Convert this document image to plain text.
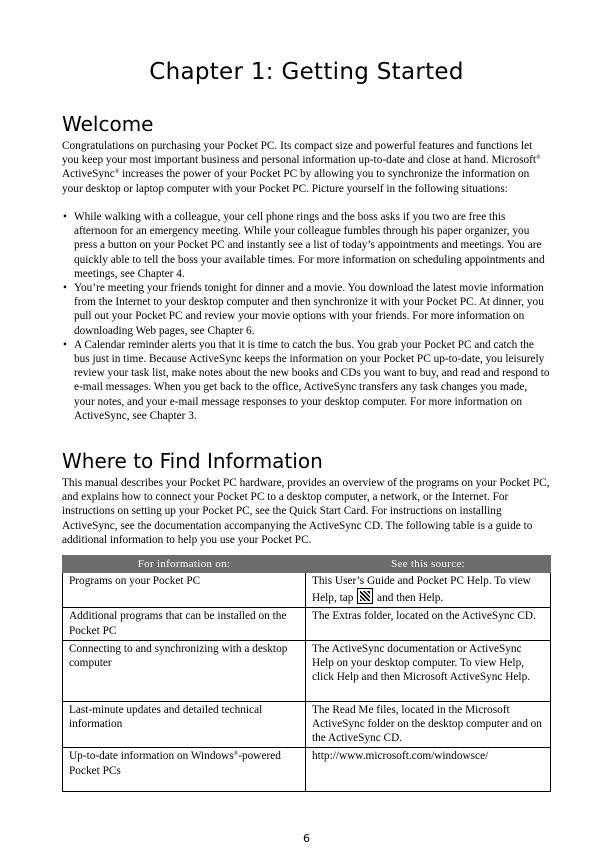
Chapter 1: Getting Started
Welcome

Congratulations on purchasing your Pocket PC. Its compact size and powerful features and functions let you keep your most important business and personal information up-to-date and close at hand. Microsoft® ActiveSync® increases the power of your Pocket PC by allowing you to synchronize the information on your desktop or laptop computer with your Pocket PC. Picture yourself in the following situations:

• While walking with a colleague, your cell phone rings and the boss asks if you two are free this afternoon for an emergency meeting. While your colleague fumbles through his paper organizer, you press a button on your Pocket PC and instantly see a list of today’s appointments and meetings. You are quickly able to tell the boss your available times. For more information on scheduling appointments and meetings, see Chapter 4.
• You’re meeting your friends tonight for dinner and a movie. You download the latest movie information from the Internet to your desktop computer and then synchronize it with your Pocket PC. At dinner, you pull out your Pocket PC and review your movie options with your friends. For more information on downloading Web pages, see Chapter 6.
• A Calendar reminder alerts you that it is time to catch the bus. You grab your Pocket PC and catch the bus just in time. Because ActiveSync keeps the information on your Pocket PC up-to-date, you leisurely review your task list, make notes about the new books and CDs you want to buy, and read and respond to e-mail messages. When you get back to the office, ActiveSync transfers any task changes you made, your notes, and your e-mail message responses to your desktop computer. For more information on ActiveSync, see Chapter 3.
Where to Find Information

This manual describes your Pocket PC hardware, provides an overview of the programs on your Pocket PC, and explains how to connect your Pocket PC to a desktop computer, a network, or the Internet. For instructions on setting up your Pocket PC, see the Quick Start Card. For instructions on installing ActiveSync, see the documentation accompanying the ActiveSync CD. The following table is a guide to additional information to help you use your Pocket PC.

For information on:	See this source:
Programs on your Pocket PC	This User’s Guide and Pocket PC Help. To view Help, tap  and then Help.
Additional programs that can be installed on the Pocket PC	The Extras folder, located on the ActiveSync CD.
Connecting to and synchronizing with a desktop computer	The ActiveSync documentation or ActiveSync Help on your desktop computer. To view Help, click Help and then Microsoft ActiveSync Help.
Last-minute updates and detailed technical information	The Read Me files, located in the Microsoft ActiveSync folder on the desktop computer and on the ActiveSync CD.
Up-to-date information on Windows®-powered Pocket PCs	http://www.microsoft.com/windowsce/

6
